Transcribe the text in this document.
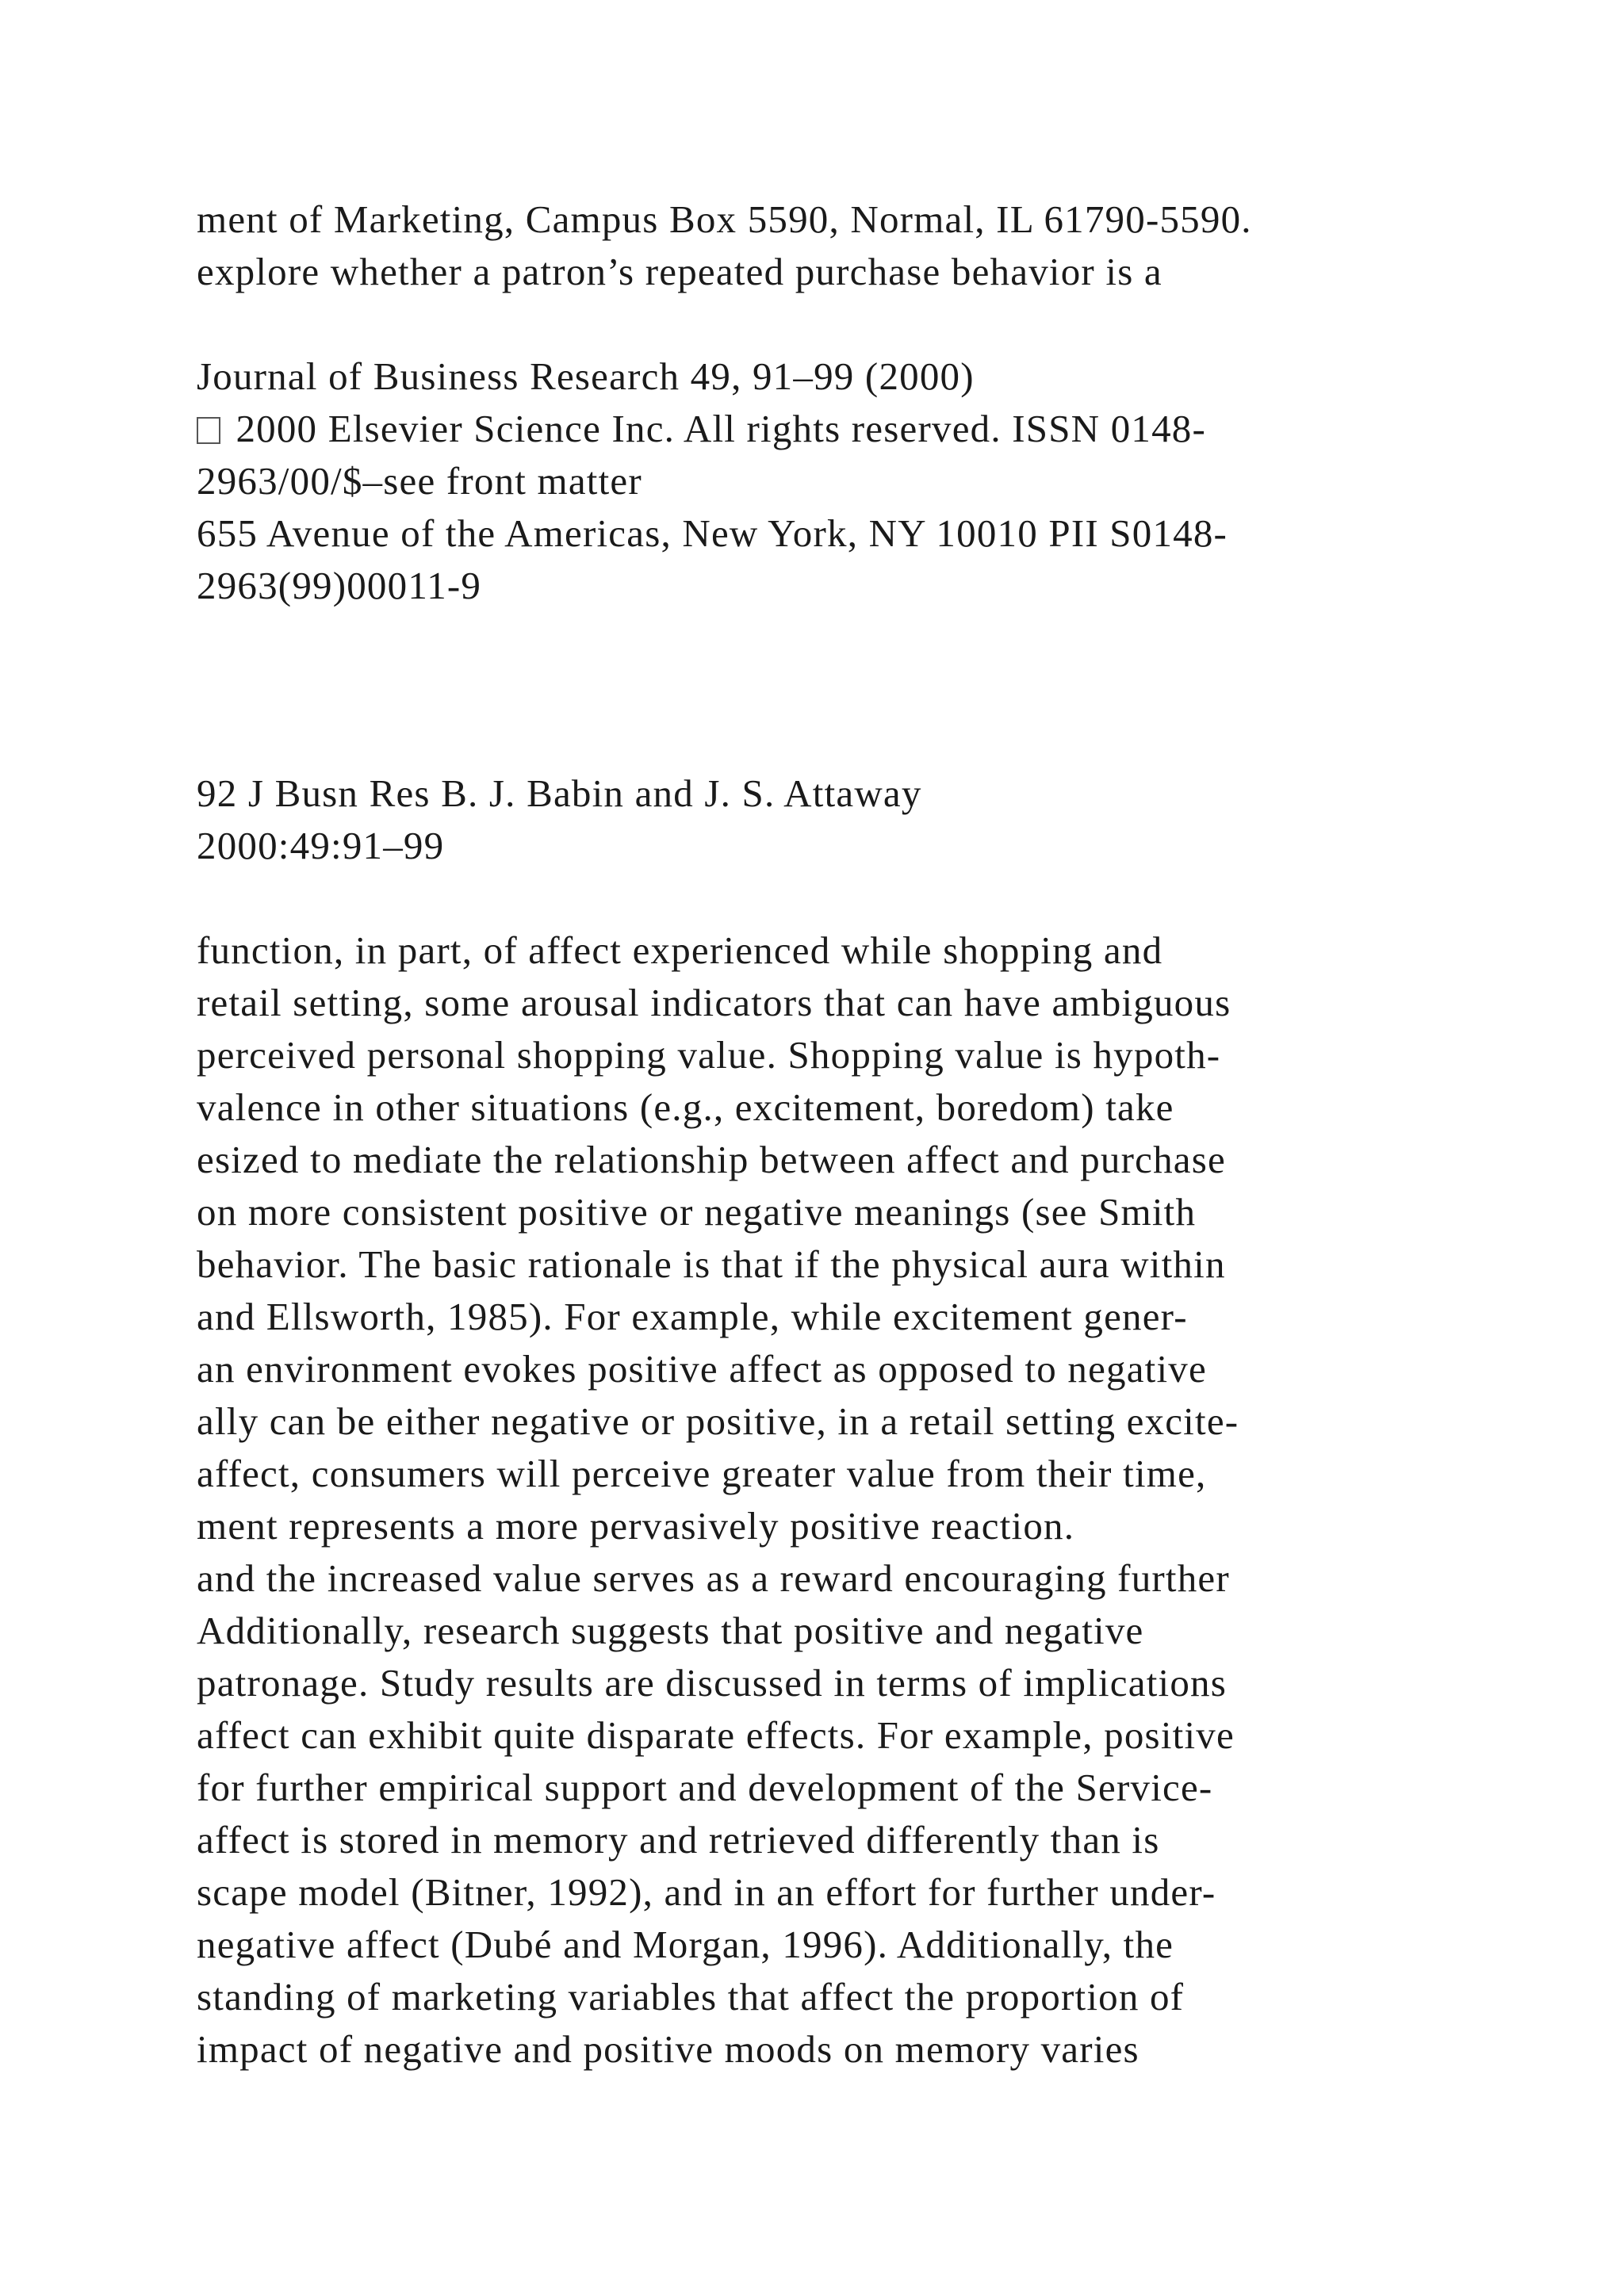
ment of Marketing, Campus Box 5590, Normal, IL 61790-5590.
explore whether a patron’s repeated purchase behavior is a
Journal of Business Research 49, 91–99 (2000)
2000 Elsevier Science Inc. All rights reserved. ISSN 0148-
2963/00/$–see front matter
655 Avenue of the Americas, New York, NY 10010 PII S0148-
2963(99)00011-9
92 J Busn Res B. J. Babin and J. S. Attaway
2000:49:91–99
function, in part, of affect experienced while shopping and
retail setting, some arousal indicators that can have ambiguous
perceived personal shopping value. Shopping value is hypoth-
valence in other situations (e.g., excitement, boredom) take
esized to mediate the relationship between affect and purchase
on more consistent positive or negative meanings (see Smith
behavior. The basic rationale is that if the physical aura within
and Ellsworth, 1985). For example, while excitement gener-
an environment evokes positive affect as opposed to negative
ally can be either negative or positive, in a retail setting excite-
affect, consumers will perceive greater value from their time,
ment represents a more pervasively positive reaction.
and the increased value serves as a reward encouraging further
Additionally, research suggests that positive and negative
patronage. Study results are discussed in terms of implications
affect can exhibit quite disparate effects. For example, positive
for further empirical support and development of the Service-
affect is stored in memory and retrieved differently than is
scape model (Bitner, 1992), and in an effort for further under-
negative affect (Dubé and Morgan, 1996). Additionally, the
standing of marketing variables that affect the proportion of
impact of negative and positive moods on memory varies
